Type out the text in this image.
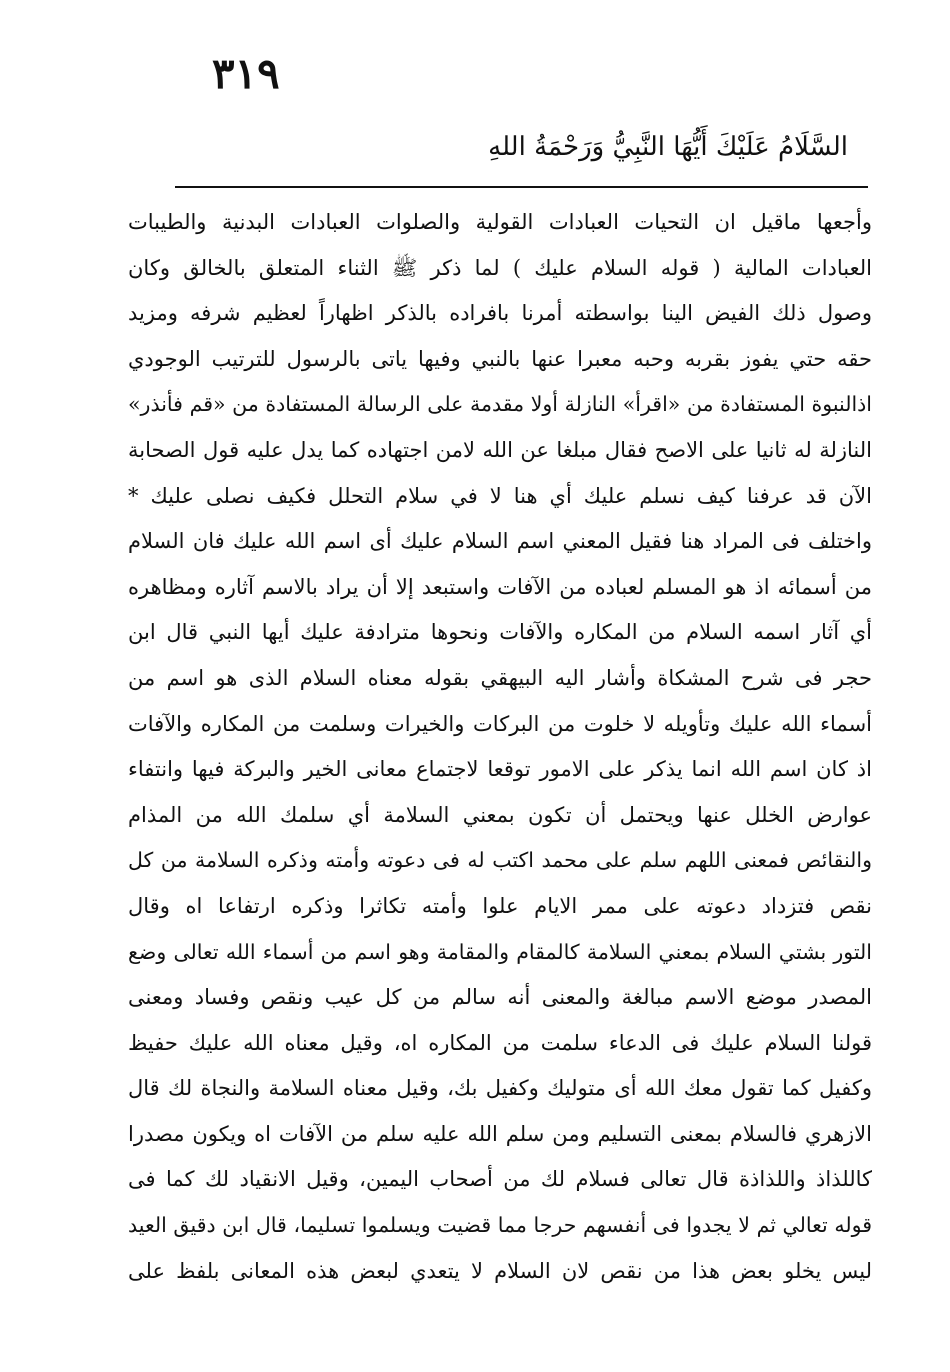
٣١٩
السَّلَامُ عَلَيْكَ أَيُّهَا النَّبِيُّ وَرَحْمَةُ اللهِ
وأجعها ماقيل ان التحيات العبادات القولية والصلوات العبادات البدنية والطيبات
العبادات المالية ( قوله السلام عليك ) لما ذكر ﷺ الثناء المتعلق بالخالق وكان
وصول ذلك الفيض الينا بواسطته أمرنا بافراده بالذكر اظهاراً لعظيم شرفه ومزيد
حقه حتي يفوز بقربه وحبه معبرا عنها بالنبي وفيها ياتى بالرسول للترتيب الوجودي
اذالنبوة المستفادة من «اقرأ» النازلة أولا مقدمة على الرسالة المستفادة من «قم فأنذر»
النازلة له ثانيا على الاصح فقال مبلغا عن الله لامن اجتهاده كما يدل عليه قول الصحابة
الآن قد عرفنا كيف نسلم عليك أي هنا لا في سلام التحلل فكيف نصلى عليك *
واختلف فى المراد هنا فقيل المعني اسم السلام عليك أى اسم الله عليك فان السلام
من أسمائه اذ هو المسلم لعباده من الآفات واستبعد إلا أن يراد بالاسم آثاره ومظاهره
أي آثار اسمه السلام من المكاره والآفات ونحوها مترادفة عليك أيها النبي قال ابن
حجر فى شرح المشكاة وأشار اليه البيهقي بقوله معناه السلام الذى هو اسم من
أسماء الله عليك وتأويله لا خلوت من البركات والخيرات وسلمت من المكاره والآفات
اذ كان اسم الله انما يذكر على الامور توقعا لاجتماع معانى الخير والبركة فيها وانتفاء
عوارض الخلل عنها ويحتمل أن تكون بمعني السلامة أي سلمك الله من المذام
والنقائص فمعنى اللهم سلم على محمد اكتب له فى دعوته وأمته وذكره السلامة من كل
نقص فتزداد دعوته على ممر الايام علوا وأمته تكاثرا وذكره ارتفاعا اه وقال
التور بشتي السلام بمعني السلامة كالمقام والمقامة وهو اسم من أسماء الله تعالى وضع
المصدر موضع الاسم مبالغة والمعنى أنه سالم من كل عيب ونقص وفساد ومعنى
قولنا السلام عليك فى الدعاء سلمت من المكاره اه، وقيل معناه الله عليك حفيظ
وكفيل كما تقول معك الله أى متوليك وكفيل بك، وقيل معناه السلامة والنجاة لك قال
الازهري فالسلام بمعنى التسليم ومن سلم الله عليه سلم من الآفات اه ويكون مصدرا
كاللذاذ واللذاذة قال تعالى فسلام لك من أصحاب اليمين، وقيل الانقياد لك كما فى
قوله تعالي ثم لا يجدوا فى أنفسهم حرجا مما قضيت ويسلموا تسليما، قال ابن دقيق العيد
ليس يخلو بعض هذا من نقص لان السلام لا يتعدي لبعض هذه المعانى بلفظ على
